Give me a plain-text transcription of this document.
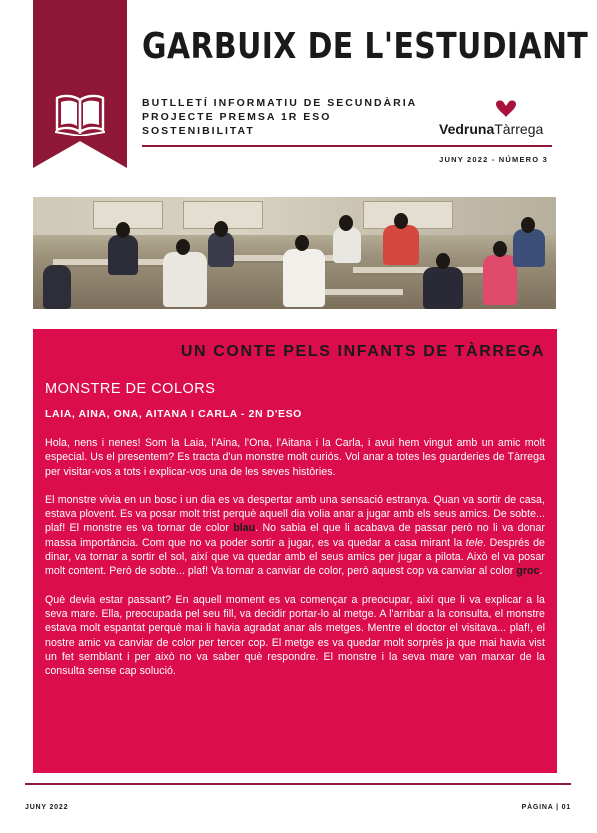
GARBUIX DE L'ESTUDIANT
BUTLLETÍ INFORMATIU DE SECUNDÀRIA
PROJECTE PREMSA 1R ESO
SOSTENIBILITAT	VedrunaTàrrega
JUNY 2022 - NÚMERO 3
UN CONTE PELS INFANTS DE TÀRREGA
MONSTRE DE COLORS
LAIA, AINA, ONA, AITANA I CARLA - 2N D'ESO

Hola, nens i nenes! Som la Laia, l'Aina, l'Ona, l'Aitana i la Carla, i avui hem vingut amb un amic molt especial. Us el presentem? Es tracta d'un monstre molt curiós. Vol anar a totes les guarderies de Tàrrega per visitar-vos a tots i explicar-vos una de les seves històries.

El monstre vivia en un bosc i un dia es va despertar amb una sensació estranya. Quan va sortir de casa, estava plovent. Es va posar molt trist perquè aquell dia volia anar a jugar amb els seus amics. De sobte... plaf! El monstre es va tornar de color blau. No sabia el que li acabava de passar però no li va donar massa importància. Com que no va poder sortir a jugar, es va quedar a casa mirant la tele. Després de dinar, va tornar a sortir el sol, així que va quedar amb el seus amics per jugar a pilota. Això el va posar molt content. Però de sobte... plaf! Va tornar a canviar de color, però aquest cop va canviar al color groc.

Què devia estar passant? En aquell moment es va començar a preocupar, així que li va explicar a la seva mare. Ella, preocupada pel seu fill, va decidir portar-lo al metge. A l'arribar a la consulta, el monstre estava molt espantat perquè mai li havia agradat anar als metges. Mentre el doctor el visitava... plaf!, el nostre amic va canviar de color per tercer cop. El metge es va quedar molt sorprès ja que mai havia vist un fet semblant i per això no va saber què respondre. El monstre i la seva mare van marxar de la consulta sense cap solució.

JUNY 2022	PÀGINA | 01
